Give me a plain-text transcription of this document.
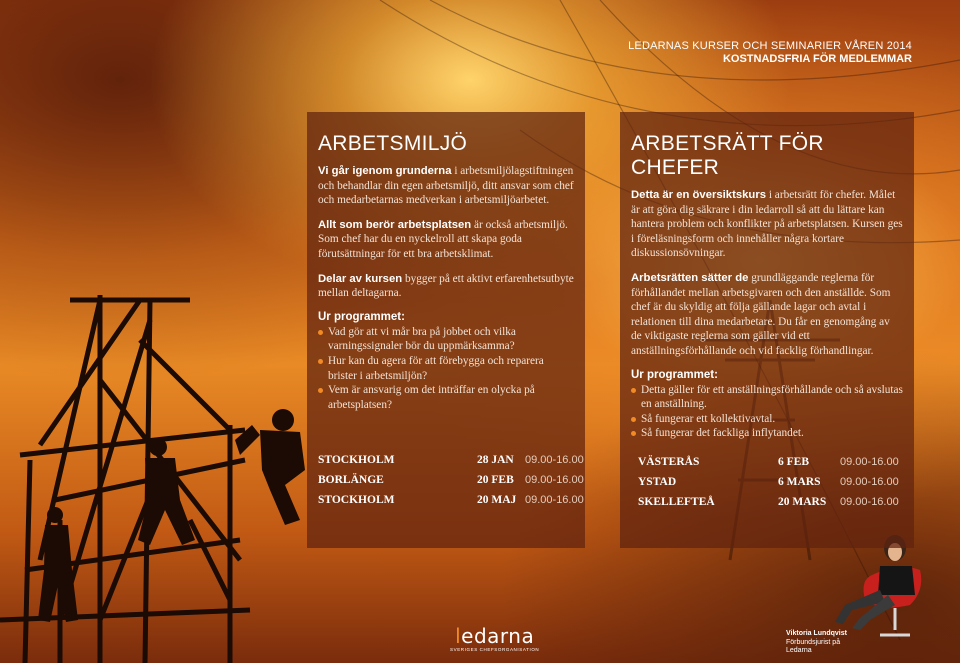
LEDARNAS KURSER OCH SEMINARIER VÅREN 2014
KOSTNADSFRIA FÖR MEDLEMMAR
ARBETSMILJÖ

Vi går igenom grunderna i arbetsmiljölagstiftningen och behandlar din egen arbetsmiljö, ditt ansvar som chef och medarbetarnas medverkan i arbetsmiljöarbetet.

Allt som berör arbetsplatsen är också arbetsmiljö. Som chef har du en nyckelroll att skapa goda förutsättningar för ett bra arbetsklimat.

Delar av kursen bygger på ett aktivt erfarenhetsutbyte mellan deltagarna.

Ur programmet:
Vad gör att vi mår bra på jobbet och vilka varningssignaler bör du uppmärksamma?
Hur kan du agera för att förebygga och reparera brister i arbetsmiljön?
Vem är ansvarig om det inträffar en olycka på arbetsplatsen?
STOCKHOLM	28 JAN	09.00-16.00
BORLÄNGE	20 FEB	09.00-16.00
STOCKHOLM	20 MAJ 09.00-16.00
ARBETSRÄTT FÖR CHEFER

Detta är en översiktskurs i arbetsrätt för chefer. Målet är att göra dig säkrare i din ledarroll så att du lättare kan hantera problem och konflikter på arbetsplatsen. Kursen ges i föreläsningsform och innehåller några kortare diskussionsövningar.

Arbetsrätten sätter de grundläggande reglerna för förhållandet mellan arbetsgivaren och den anställde. Som chef är du skyldig att följa gällande lagar och avtal i relationen till dina medarbetare. Du får en genomgång av de viktigaste reglerna som gäller vid ett anställningsförhållande och vid facklig förhandlingar.

Ur programmet:
Detta gäller för ett anställningsförhållande och så avslutas en anställning.
Så fungerar ett kollektivavtal.
Så fungerar det fackliga inflytandet.
VÄSTERÅS	6 FEB	09.00-16.00
YSTAD	6 MARS	09.00-16.00
SKELLEFTEÅ	20 MARS	09.00-16.00
ledarna
SVERIGES CHEFSORGANISATION
Viktoria Lundqvist
Förbundsjurist på
Ledarna
